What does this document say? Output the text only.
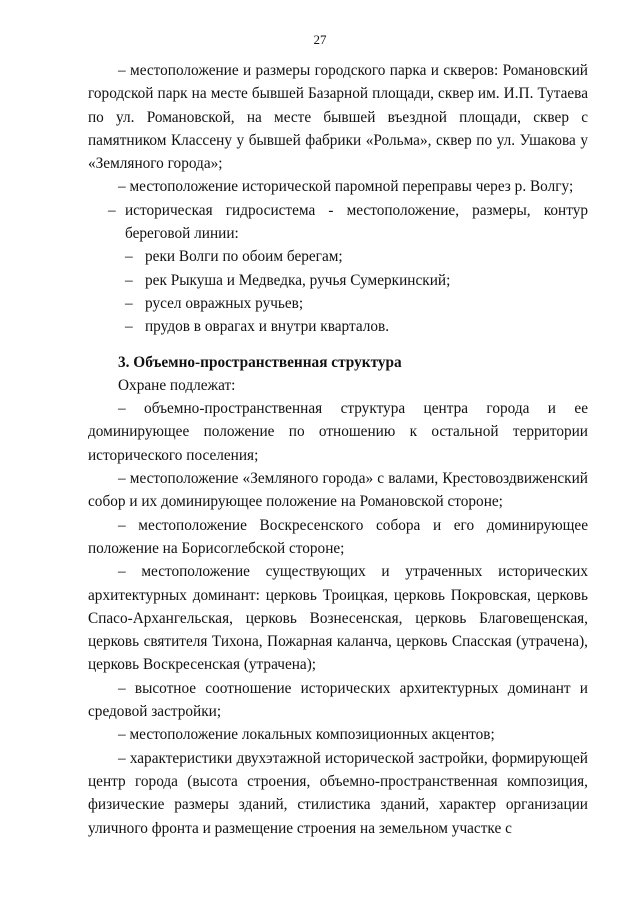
27

– местоположение и размеры городского парка и скверов: Романовский городской парк на месте бывшей Базарной площади, сквер им. И.П. Тутаева по ул. Романовской, на месте бывшей въездной площади, сквер с памятником Классену у бывшей фабрики «Рольма», сквер по ул. Ушакова у «Земляного города»;

– местоположение исторической паромной переправы через р. Волгу;

– историческая гидросистема - местоположение, размеры, контур береговой линии:

– реки Волги по обоим берегам;

– рек Рыкуша и Медведка, ручья Сумеркинский;

– русел овражных ручьев;

– прудов в оврагах и внутри кварталов.

3. Объемно-пространственная структура

Охране подлежат:

– объемно-пространственная структура центра города и ее доминирующее положение по отношению к остальной территории исторического поселения;

– местоположение «Земляного города» с валами, Крестовоздвиженский собор и их доминирующее положение на Романовской стороне;

– местоположение Воскресенского собора и его доминирующее положение на Борисоглебской стороне;

– местоположение существующих и утраченных исторических архитектурных доминант: церковь Троицкая, церковь Покровская, церковь Спасо-Архангельская, церковь Вознесенская, церковь Благовещенская, церковь святителя Тихона, Пожарная каланча, церковь Спасская (утрачена), церковь Воскресенская (утрачена);

– высотное соотношение исторических архитектурных доминант и средовой застройки;

– местоположение локальных композиционных акцентов;

– характеристики двухэтажной исторической застройки, формирующей центр города (высота строения, объемно-пространственная композиция, физические размеры зданий, стилистика зданий, характер организации уличного фронта и размещение строения на земельном участке с
